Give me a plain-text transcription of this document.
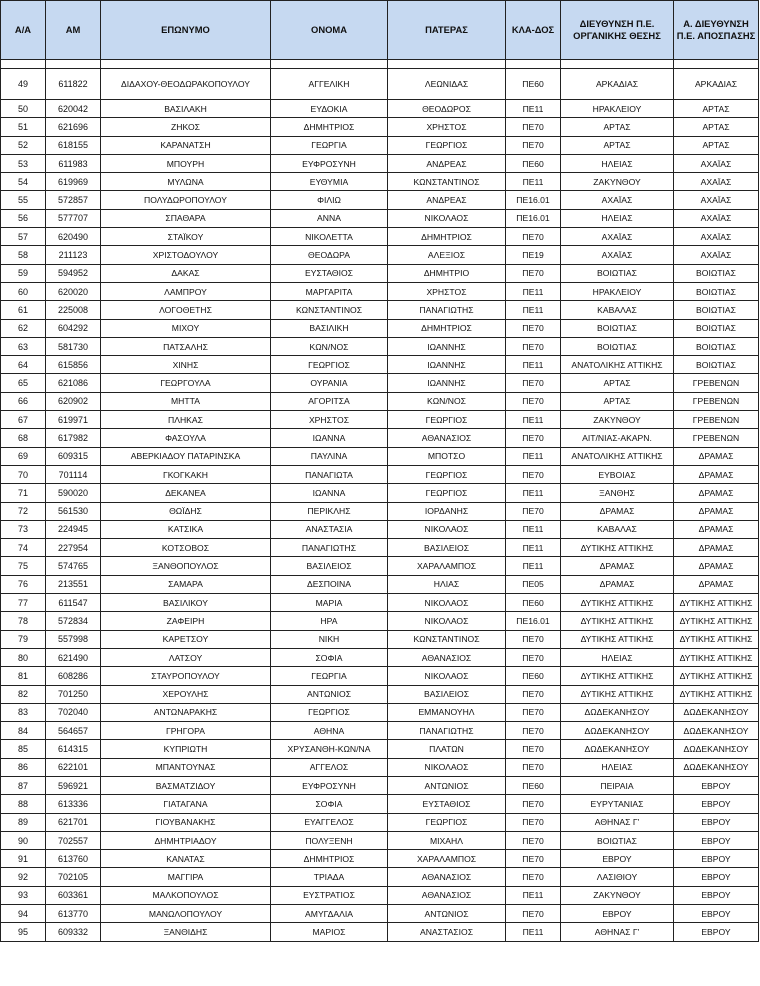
Α/Α	ΑΜ	ΕΠΩΝΥΜΟ	ΟΝΟΜΑ	ΠΑΤΕΡΑΣ	ΚΛΑ-ΔΟΣ	ΔΙΕΥΘΥΝΣΗ Π.Ε. ΟΡΓΑΝΙΚΗΣ ΘΕΣΗΣ	Α. ΔΙΕΥΘΥΝΣΗ Π.Ε. ΑΠΟΣΠΑΣΗΣ

49	611822	ΔΙΔΑΧΟΥ-ΘΕΟΔΩΡΑΚΟΠΟΥΛΟΥ	ΑΓΓΕΛΙΚΗ	ΛΕΩΝΙΔΑΣ	ΠΕ60	ΑΡΚΑΔΙΑΣ	ΑΡΚΑΔΙΑΣ
50	620042	ΒΑΣΙΛΑΚΗ	ΕΥΔΟΚΙΑ	ΘΕΟΔΩΡΟΣ	ΠΕ11	ΗΡΑΚΛΕΙΟΥ	ΑΡΤΑΣ
51	621696	ΖΗΚΟΣ	ΔΗΜΗΤΡΙΟΣ	ΧΡΗΣΤΟΣ	ΠΕ70	ΑΡΤΑΣ	ΑΡΤΑΣ
52	618155	ΚΑΡΑΝΑΤΣΗ	ΓΕΩΡΓΙΑ	ΓΕΩΡΓΙΟΣ	ΠΕ70	ΑΡΤΑΣ	ΑΡΤΑΣ
53	611983	ΜΠΟΥΡΗ	ΕΥΦΡΟΣΥΝΗ	ΑΝΔΡΕΑΣ	ΠΕ60	ΗΛΕΙΑΣ	ΑΧΑΪΑΣ
54	619969	ΜΥΛΩΝΑ	ΕΥΘΥΜΙΑ	ΚΩΝΣΤΑΝΤΙΝΟΣ	ΠΕ11	ΖΑΚΥΝΘΟΥ	ΑΧΑΪΑΣ
55	572857	ΠΟΛΥΔΩΡΟΠΟΥΛΟΥ	ΦΙΛΙΩ	ΑΝΔΡΕΑΣ	ΠΕ16.01	ΑΧΑΪΑΣ	ΑΧΑΪΑΣ
56	577707	ΣΠΑΘΑΡΑ	ΑΝΝΑ	ΝΙΚΟΛΑΟΣ	ΠΕ16.01	ΗΛΕΙΑΣ	ΑΧΑΪΑΣ
57	620490	ΣΤΑΪΚΟΥ	ΝΙΚΟΛΕΤΤΑ	ΔΗΜΗΤΡΙΟΣ	ΠΕ70	ΑΧΑΪΑΣ	ΑΧΑΪΑΣ
58	211123	ΧΡΙΣΤΟΔΟΥΛΟΥ	ΘΕΟΔΩΡΑ	ΑΛΕΞΙΟΣ	ΠΕ19	ΑΧΑΪΑΣ	ΑΧΑΪΑΣ
59	594952	ΔΑΚΑΣ	ΕΥΣΤΑΘΙΟΣ	ΔΗΜΗΤΡΙΟ	ΠΕ70	ΒΟΙΩΤΙΑΣ	ΒΟΙΩΤΙΑΣ
60	620020	ΛΑΜΠΡΟΥ	ΜΑΡΓΑΡΙΤΑ	ΧΡΗΣΤΟΣ	ΠΕ11	ΗΡΑΚΛΕΙΟΥ	ΒΟΙΩΤΙΑΣ
61	225008	ΛΟΓΟΘΕΤΗΣ	ΚΩΝΣΤΑΝΤΙΝΟΣ	ΠΑΝΑΓΙΩΤΗΣ	ΠΕ11	ΚΑΒΑΛΑΣ	ΒΟΙΩΤΙΑΣ
62	604292	ΜΙΧΟΥ	ΒΑΣΙΛΙΚΗ	ΔΗΜΗΤΡΙΟΣ	ΠΕ70	ΒΟΙΩΤΙΑΣ	ΒΟΙΩΤΙΑΣ
63	581730	ΠΑΤΣΑΛΗΣ	ΚΩΝ/ΝΟΣ	ΙΩΑΝΝΗΣ	ΠΕ70	ΒΟΙΩΤΙΑΣ	ΒΟΙΩΤΙΑΣ
64	615856	ΧΙΝΗΣ	ΓΕΩΡΓΙΟΣ	ΙΩΑΝΝΗΣ	ΠΕ11	ΑΝΑΤΟΛΙΚΗΣ ΑΤΤΙΚΗΣ	ΒΟΙΩΤΙΑΣ
65	621086	ΓΕΩΡΓΟΥΛΑ	ΟΥΡΑΝΙΑ	ΙΩΑΝΝΗΣ	ΠΕ70	ΑΡΤΑΣ	ΓΡΕΒΕΝΩΝ
66	620902	ΜΗΤΤΑ	ΑΓΟΡΙΤΣΑ	ΚΩΝ/ΝΟΣ	ΠΕ70	ΑΡΤΑΣ	ΓΡΕΒΕΝΩΝ
67	619971	ΠΛΗΚΑΣ	ΧΡΗΣΤΟΣ	ΓΕΩΡΓΙΟΣ	ΠΕ11	ΖΑΚΥΝΘΟΥ	ΓΡΕΒΕΝΩΝ
68	617982	ΦΑΣΟΥΛΑ	ΙΩΑΝΝΑ	ΑΘΑΝΑΣΙΟΣ	ΠΕ70	ΑΙΤ/ΝΙΑΣ-ΑΚΑΡΝ.	ΓΡΕΒΕΝΩΝ
69	609315	ΑΒΕΡΚΙΑΔΟΥ ΠΑΤΑΡΙΝΣΚΑ	ΠΑΥΛΙΝΑ	ΜΠΟΤΣΟ	ΠΕ11	ΑΝΑΤΟΛΙΚΗΣ ΑΤΤΙΚΗΣ	ΔΡΑΜΑΣ
70	701114	ΓΚΟΓΚΑΚΗ	ΠΑΝΑΓΙΩΤΑ	ΓΕΩΡΓΙΟΣ	ΠΕ70	ΕΥΒΟΙΑΣ	ΔΡΑΜΑΣ
71	590020	ΔΕΚΑΝΕΑ	ΙΩΑΝΝΑ	ΓΕΩΡΓΙΟΣ	ΠΕ11	ΞΑΝΘΗΣ	ΔΡΑΜΑΣ
72	561530	ΘΩΪΔΗΣ	ΠΕΡΙΚΛΗΣ	ΙΟΡΔΑΝΗΣ	ΠΕ70	ΔΡΑΜΑΣ	ΔΡΑΜΑΣ
73	224945	ΚΑΤΣΙΚΑ	ΑΝΑΣΤΑΣΙΑ	ΝΙΚΟΛΑΟΣ	ΠΕ11	ΚΑΒΑΛΑΣ	ΔΡΑΜΑΣ
74	227954	ΚΟΤΣΟΒΟΣ	ΠΑΝΑΓΙΩΤΗΣ	ΒΑΣΙΛΕΙΟΣ	ΠΕ11	ΔΥΤΙΚΗΣ ΑΤΤΙΚΗΣ	ΔΡΑΜΑΣ
75	574765	ΞΑΝΘΟΠΟΥΛΟΣ	ΒΑΣΙΛΕΙΟΣ	ΧΑΡΑΛΑΜΠΟΣ	ΠΕ11	ΔΡΑΜΑΣ	ΔΡΑΜΑΣ
76	213551	ΣΑΜΑΡΑ	ΔΕΣΠΟΙΝΑ	ΗΛΙΑΣ	ΠΕ05	ΔΡΑΜΑΣ	ΔΡΑΜΑΣ
77	611547	ΒΑΣΙΛΙΚΟΥ	ΜΑΡΙΑ	ΝΙΚΟΛΑΟΣ	ΠΕ60	ΔΥΤΙΚΗΣ ΑΤΤΙΚΗΣ	ΔΥΤΙΚΗΣ ΑΤΤΙΚΗΣ
78	572834	ΖΑΦΕΙΡΗ	ΗΡΑ	ΝΙΚΟΛΑΟΣ	ΠΕ16.01	ΔΥΤΙΚΗΣ ΑΤΤΙΚΗΣ	ΔΥΤΙΚΗΣ ΑΤΤΙΚΗΣ
79	557998	ΚΑΡΕΤΣΟΥ	ΝΙΚΗ	ΚΩΝΣΤΑΝΤΙΝΟΣ	ΠΕ70	ΔΥΤΙΚΗΣ ΑΤΤΙΚΗΣ	ΔΥΤΙΚΗΣ ΑΤΤΙΚΗΣ
80	621490	ΛΑΤΣΟΥ	ΣΟΦΙΑ	ΑΘΑΝΑΣΙΟΣ	ΠΕ70	ΗΛΕΙΑΣ	ΔΥΤΙΚΗΣ ΑΤΤΙΚΗΣ
81	608286	ΣΤΑΥΡΟΠΟΥΛΟΥ	ΓΕΩΡΓΙΑ	ΝΙΚΟΛΑΟΣ	ΠΕ60	ΔΥΤΙΚΗΣ ΑΤΤΙΚΗΣ	ΔΥΤΙΚΗΣ ΑΤΤΙΚΗΣ
82	701250	ΧΕΡΟΥΛΗΣ	ΑΝΤΩΝΙΟΣ	ΒΑΣΙΛΕΙΟΣ	ΠΕ70	ΔΥΤΙΚΗΣ ΑΤΤΙΚΗΣ	ΔΥΤΙΚΗΣ ΑΤΤΙΚΗΣ
83	702040	ΑΝΤΩΝΑΡΑΚΗΣ	ΓΕΩΡΓΙΟΣ	ΕΜΜΑΝΟΥΗΛ	ΠΕ70	ΔΩΔΕΚΑΝΗΣΟΥ	ΔΩΔΕΚΑΝΗΣΟΥ
84	564657	ΓΡΗΓΟΡΑ	ΑΘΗΝΑ	ΠΑΝΑΓΙΩΤΗΣ	ΠΕ70	ΔΩΔΕΚΑΝΗΣΟΥ	ΔΩΔΕΚΑΝΗΣΟΥ
85	614315	ΚΥΠΡΙΩΤΗ	ΧΡΥΣΑΝΘΗ-ΚΩΝ/ΝΑ	ΠΛΑΤΩΝ	ΠΕ70	ΔΩΔΕΚΑΝΗΣΟΥ	ΔΩΔΕΚΑΝΗΣΟΥ
86	622101	ΜΠΑΝΤΟΥΝΑΣ	ΑΓΓΕΛΟΣ	ΝΙΚΟΛΑΟΣ	ΠΕ70	ΗΛΕΙΑΣ	ΔΩΔΕΚΑΝΗΣΟΥ
87	596921	ΒΑΣΜΑΤΖΙΔΟΥ	ΕΥΦΡΟΣΥΝΗ	ΑΝΤΩΝΙΟΣ	ΠΕ60	ΠΕΙΡΑΙΑ	ΕΒΡΟΥ
88	613336	ΓΙΑΤΑΓΑΝΑ	ΣΟΦΙΑ	ΕΥΣΤΑΘΙΟΣ	ΠΕ70	ΕΥΡΥΤΑΝΙΑΣ	ΕΒΡΟΥ
89	621701	ΓΙΟΥΒΑΝΑΚΗΣ	ΕΥΑΓΓΕΛΟΣ	ΓΕΩΡΓΙΟΣ	ΠΕ70	ΑΘΗΝΑΣ Γ'	ΕΒΡΟΥ
90	702557	ΔΗΜΗΤΡΙΑΔΟΥ	ΠΟΛΥΞΕΝΗ	ΜΙΧΑΗΛ	ΠΕ70	ΒΟΙΩΤΙΑΣ	ΕΒΡΟΥ
91	613760	ΚΑΝΑΤΑΣ	ΔΗΜΗΤΡΙΟΣ	ΧΑΡΑΛΑΜΠΟΣ	ΠΕ70	ΕΒΡΟΥ	ΕΒΡΟΥ
92	702105	ΜΑΓΓΙΡΑ	ΤΡΙΑΔΑ	ΑΘΑΝΑΣΙΟΣ	ΠΕ70	ΛΑΣΙΘΙΟΥ	ΕΒΡΟΥ
93	603361	ΜΑΛΚΟΠΟΥΛΟΣ	ΕΥΣΤΡΑΤΙΟΣ	ΑΘΑΝΑΣΙΟΣ	ΠΕ11	ΖΑΚΥΝΘΟΥ	ΕΒΡΟΥ
94	613770	ΜΑΝΩΛΟΠΟΥΛΟΥ	ΑΜΥΓΔΑΛΙΑ	ΑΝΤΩΝΙΟΣ	ΠΕ70	ΕΒΡΟΥ	ΕΒΡΟΥ
95	609332	ΞΑΝΘΙΔΗΣ	ΜΑΡΙΟΣ	ΑΝΑΣΤΑΣΙΟΣ	ΠΕ11	ΑΘΗΝΑΣ Γ'	ΕΒΡΟΥ
